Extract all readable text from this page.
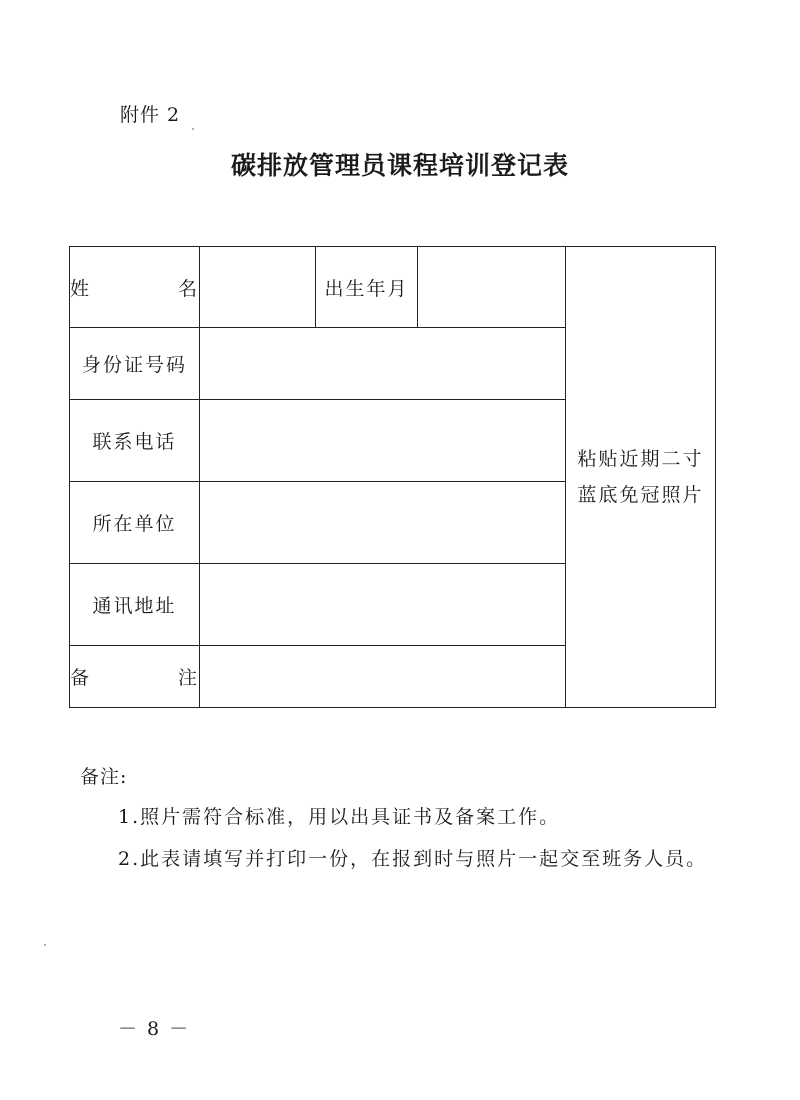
附件 2
碳排放管理员课程培训登记表
姓 名		出生年月		粘贴近期二寸
蓝底免冠照片

身份证号码				
联系电话				
所在单位				
通讯地址				
备 注				
备注:
1.照片需符合标准，用以出具证书及备案工作。
2.此表请填写并打印一份，在报到时与照片一起交至班务人员。
－ 8 －
